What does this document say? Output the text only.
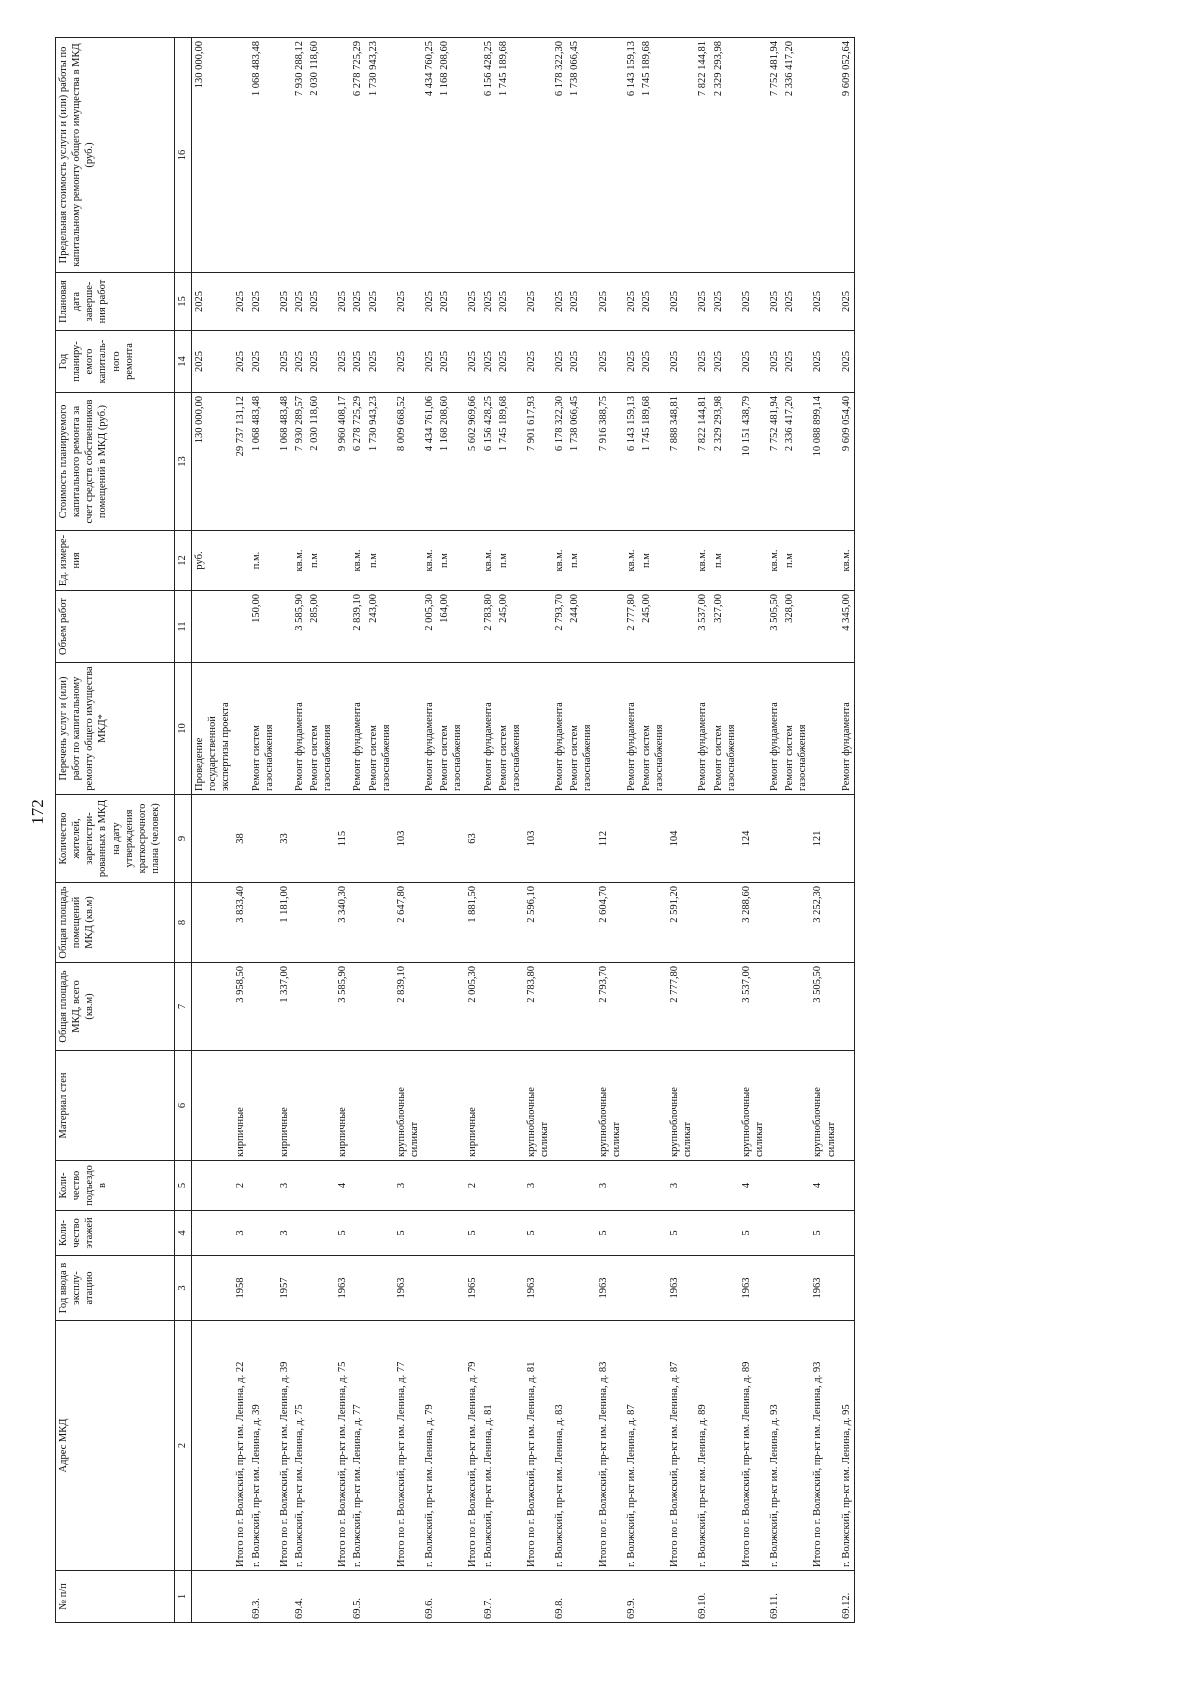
172
№ п/п	Адрес МКД	Год ввода в эксплу-атацию	Коли-чество этажей	Коли-чество подъездо в	Материал стен	Общая площадь МКД, всего (кв.м)	Общая площадь помещений МКД (кв.м)	Количество жителей, зарегистри-рованных в МКД на дату утверждения краткосрочного плана (человек)	Перечень услуг и (или) работ по капитальному ремонту общего имущества МКД*	Объем работ	Ед. измере-ния	Стоимость планируемого капитального ремонта за счет средств собственников помещений в МКД (руб.)	Год планиру-емого капиталь-ного ремонта	Плановая дата заверше-ния работ	Предельная стоимость услуги и (или) работы по капитальному ремонту общего имущества в МКД (руб.)
1	2	3	4	5	6	7	8	9	10	11	12	13	14	15	16
									Проведение государственной экспертизы проекта		руб.	130 000,00	2025	2025	130 000,00
	Итого по г. Волжский, пр-кт им. Ленина, д. 22	1958	3	2	кирпичные	3 958,50	3 833,40	38				29 737 131,12	2025	2025	
69.3.	г. Волжский, пр-кт им. Ленина, д. 39								Ремонт систем газоснабжения	150,00	п.м.	1 068 483,48	2025	2025	1 068 483,48
	Итого по г. Волжский, пр-кт им. Ленина, д. 39	1957	3	3	кирпичные	1 337,00	1 181,00	33				1 068 483,48	2025	2025	
69.4.	г. Волжский, пр-кт им. Ленина, д. 75								Ремонт фундамента	3 585,90	кв.м.	7 930 289,57	2025	2025	7 930 288,12
									Ремонт систем газоснабжения	285,00	п.м	2 030 118,60	2025	2025	2 030 118,60
	Итого по г. Волжский, пр-кт им. Ленина, д. 75	1963	5	4	кирпичные	3 585,90	3 340,30	115				9 960 408,17	2025	2025	
69.5.	г. Волжский, пр-кт им. Ленина, д. 77								Ремонт фундамента	2 839,10	кв.м.	6 278 725,29	2025	2025	6 278 725,29
									Ремонт систем газоснабжения	243,00	п.м	1 730 943,23	2025	2025	1 730 943,23
	Итого по г. Волжский, пр-кт им. Ленина, д. 77	1963	5	3	крупноблочные силикат	2 839,10	2 647,80	103				8 009 668,52	2025	2025	
69.6.	г. Волжский, пр-кт им. Ленина, д. 79								Ремонт фундамента	2 005,30	кв.м.	4 434 761,06	2025	2025	4 434 760,25
									Ремонт систем газоснабжения	164,00	п.м	1 168 208,60	2025	2025	1 168 208,60
	Итого по г. Волжский, пр-кт им. Ленина, д. 79	1965	5	2	кирпичные	2 005,30	1 881,50	63				5 602 969,66	2025	2025	
69.7.	г. Волжский, пр-кт им. Ленина, д. 81								Ремонт фундамента	2 783,80	кв.м.	6 156 428,25	2025	2025	6 156 428,25
									Ремонт систем газоснабжения	245,00	п.м	1 745 189,68	2025	2025	1 745 189,68
	Итого по г. Волжский, пр-кт им. Ленина, д. 81	1963	5	3	крупноблочные силикат	2 783,80	2 596,10	103				7 901 617,93	2025	2025	
69.8.	г. Волжский, пр-кт им. Ленина, д. 83								Ремонт фундамента	2 793,70	кв.м.	6 178 322,30	2025	2025	6 178 322,30
									Ремонт систем газоснабжения	244,00	п.м	1 738 066,45	2025	2025	1 738 066,45
	Итого по г. Волжский, пр-кт им. Ленина, д. 83	1963	5	3	крупноблочные силикат	2 793,70	2 604,70	112				7 916 388,75	2025	2025	
69.9.	г. Волжский, пр-кт им. Ленина, д. 87								Ремонт фундамента	2 777,80	кв.м.	6 143 159,13	2025	2025	6 143 159,13
									Ремонт систем газоснабжения	245,00	п.м	1 745 189,68	2025	2025	1 745 189,68
	Итого по г. Волжский, пр-кт им. Ленина, д. 87	1963	5	3	крупноблочные силикат	2 777,80	2 591,20	104				7 888 348,81	2025	2025	
69.10.	г. Волжский, пр-кт им. Ленина, д. 89								Ремонт фундамента	3 537,00	кв.м.	7 822 144,81	2025	2025	7 822 144,81
									Ремонт систем газоснабжения	327,00	п.м	2 329 293,98	2025	2025	2 329 293,98
	Итого по г. Волжский, пр-кт им. Ленина, д. 89	1963	5	4	крупноблочные силикат	3 537,00	3 288,60	124				10 151 438,79	2025	2025	
69.11.	г. Волжский, пр-кт им. Ленина, д. 93								Ремонт фундамента	3 505,50	кв.м.	7 752 481,94	2025	2025	7 752 481,94
									Ремонт систем газоснабжения	328,00	п.м	2 336 417,20	2025	2025	2 336 417,20
	Итого по г. Волжский, пр-кт им. Ленина, д. 93	1963	5	4	крупноблочные силикат	3 505,50	3 252,30	121				10 088 899,14	2025	2025	
69.12.	г. Волжский, пр-кт им. Ленина, д. 95								Ремонт фундамента	4 345,00	кв.м.	9 609 054,40	2025	2025	9 609 052,64
